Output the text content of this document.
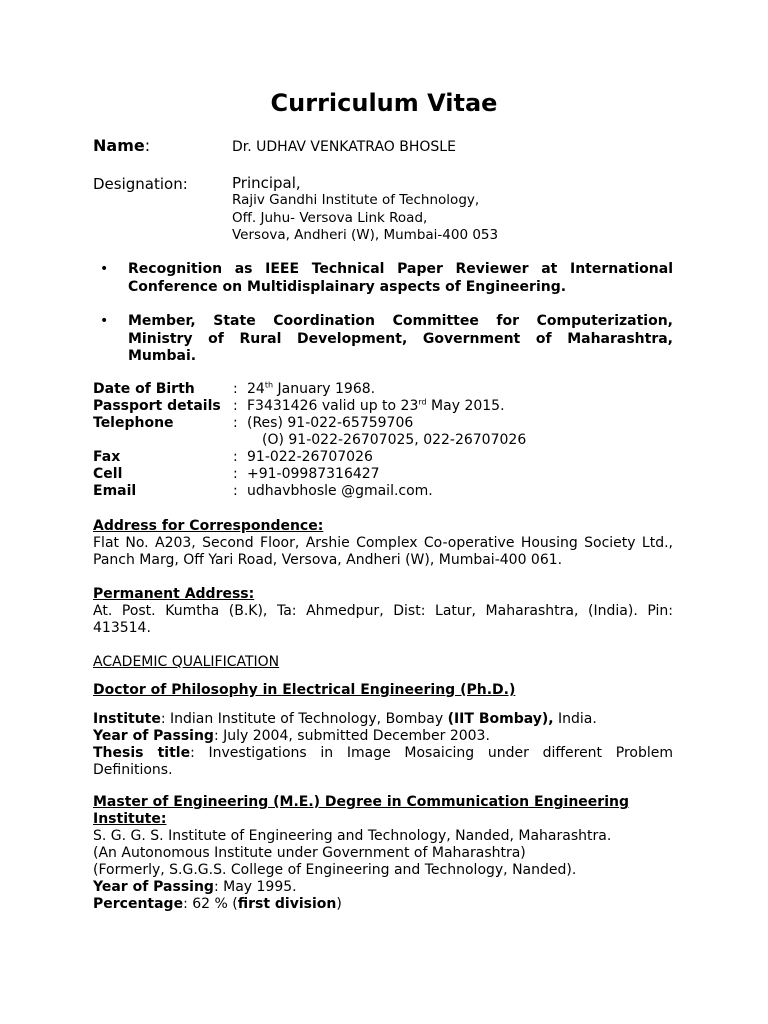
Curriculum Vitae
Name:	Dr. UDHAV VENKATRAO BHOSLE
Designation:	Principal,
Rajiv Gandhi Institute of Technology,
Off. Juhu- Versova Link Road,
Versova, Andheri (W), Mumbai-400 053
•	Recognition as IEEE Technical Paper Reviewer at International Conference on Multidisplainary aspects of Engineering.
•	Member, State Coordination Committee for Computerization, Ministry of Rural Development, Government of Maharashtra, Mumbai.
Date of Birth	: 24th January 1968.
Passport details : F3431426 valid up to 23rd May 2015.
Telephone	: (Res) 91-022-65759706
(O) 91-022-26707025, 022-26707026
Fax	: 91-022-26707026
Cell	: +91-09987316427
Email	: udhavbhosle @gmail.com.
Address for Correspondence:
Flat No. A203, Second Floor, Arshie Complex Co-operative Housing Society Ltd., Panch Marg, Off Yari Road, Versova, Andheri (W), Mumbai-400 061.
Permanent Address:
At. Post. Kumtha (B.K), Ta: Ahmedpur, Dist: Latur, Maharashtra, (India). Pin: 413514.
ACADEMIC QUALIFICATION
Doctor of Philosophy in Electrical Engineering (Ph.D.)
Institute: Indian Institute of Technology, Bombay (IIT Bombay), India.
Year of Passing: July 2004, submitted December 2003.
Thesis title: Investigations in Image Mosaicing under different Problem Definitions.
Master of Engineering (M.E.) Degree in Communication Engineering
Institute:
S. G. G. S. Institute of Engineering and Technology, Nanded, Maharashtra.
(An Autonomous Institute under Government of Maharashtra)
(Formerly, S.G.G.S. College of Engineering and Technology, Nanded).
Year of Passing: May 1995.
Percentage: 62 % (first division)
